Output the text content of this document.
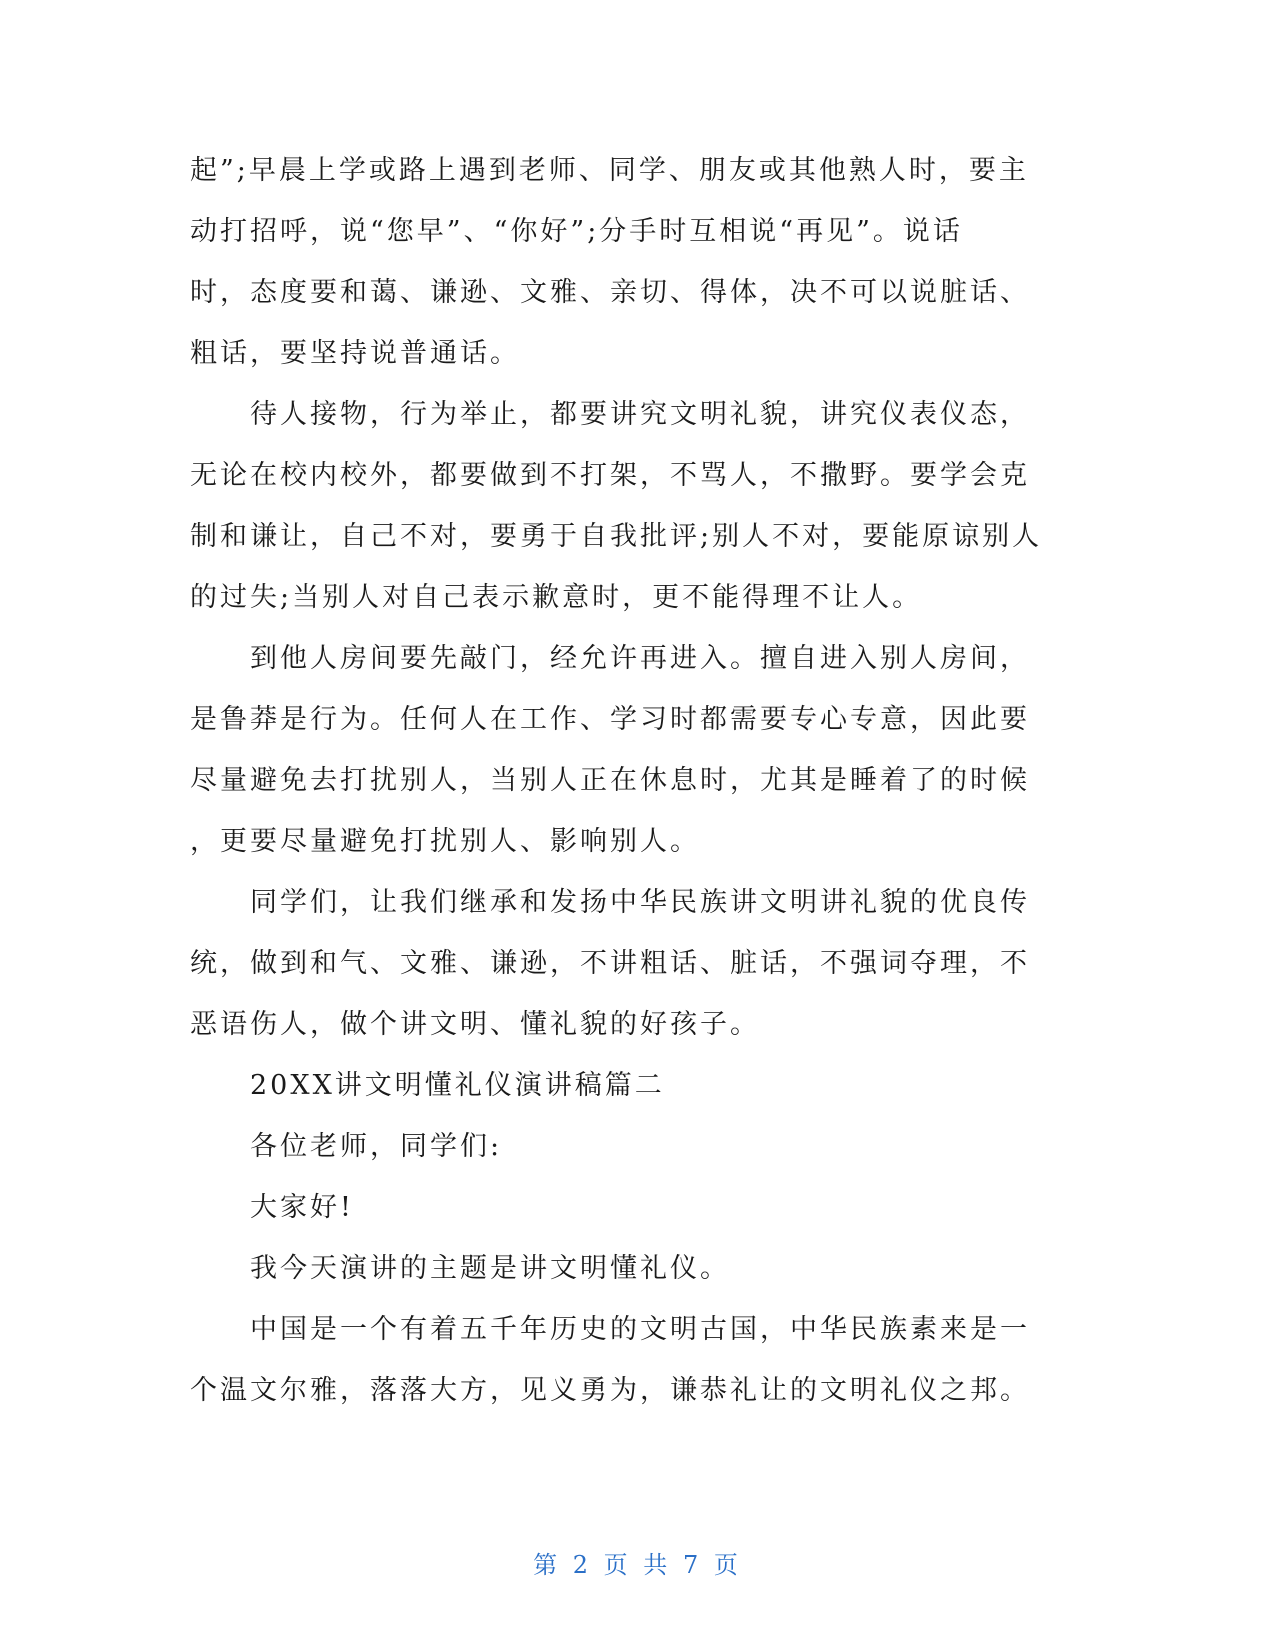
起”;早晨上学或路上遇到老师、同学、朋友或其他熟人时，要主
动打招呼，说“您早”、“你好”;分手时互相说“再见”。说话
时，态度要和蔼、谦逊、文雅、亲切、得体，决不可以说脏话、
粗话，要坚持说普通话。
待人接物，行为举止，都要讲究文明礼貌，讲究仪表仪态，
无论在校内校外，都要做到不打架，不骂人，不撒野。要学会克
制和谦让，自己不对，要勇于自我批评;别人不对，要能原谅别人
的过失;当别人对自己表示歉意时，更不能得理不让人。
到他人房间要先敲门，经允许再进入。擅自进入别人房间，
是鲁莽是行为。任何人在工作、学习时都需要专心专意，因此要
尽量避免去打扰别人，当别人正在休息时，尤其是睡着了的时候
，更要尽量避免打扰别人、影响别人。
同学们，让我们继承和发扬中华民族讲文明讲礼貌的优良传
统，做到和气、文雅、谦逊，不讲粗话、脏话，不强词夺理，不
恶语伤人，做个讲文明、懂礼貌的好孩子。
20XX讲文明懂礼仪演讲稿篇二
各位老师，同学们:
大家好!
我今天演讲的主题是讲文明懂礼仪。
中国是一个有着五千年历史的文明古国，中华民族素来是一
个温文尔雅，落落大方，见义勇为，谦恭礼让的文明礼仪之邦。
第 2 页 共 7 页
